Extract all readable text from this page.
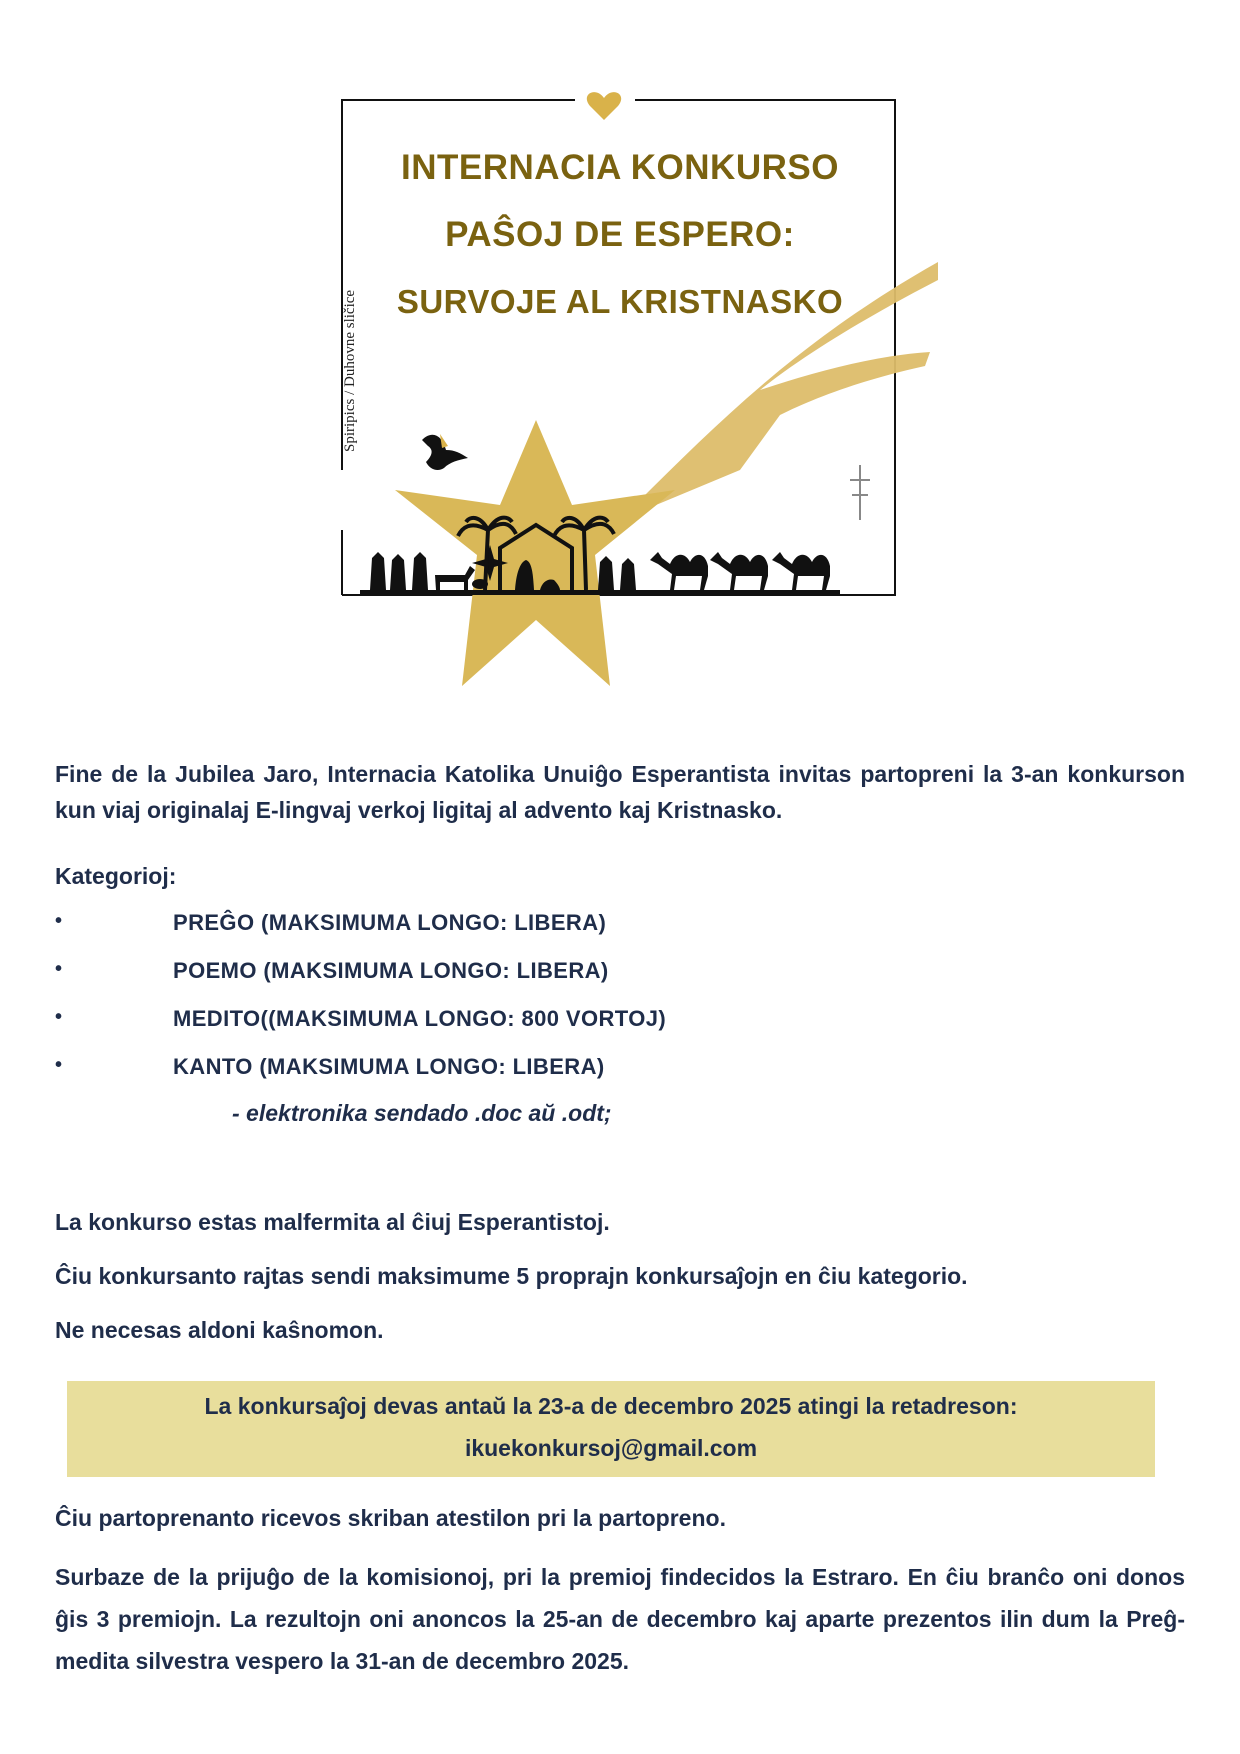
INTERNACIA KONKURSO
PAŜOJ DE ESPERO:
SURVOJE AL KRISTNASKO
Spiripics / Duhovne sličice
Fine de la Jubilea Jaro, Internacia Katolika Unuiĝo Esperantista invitas partopreni la 3-an konkurson kun viaj originalaj E-lingvaj verkoj ligitaj al advento kaj Kristnasko.
Kategorioj:
•	PREĜO (MAKSIMUMA LONGO: LIBERA)
•	POEMO (MAKSIMUMA LONGO: LIBERA)
•	MEDITO((MAKSIMUMA LONGO: 800 VORTOJ)
•	KANTO (MAKSIMUMA LONGO: LIBERA)
- elektronika sendado .doc aŭ .odt;
La konkurso estas malfermita al ĉiuj Esperantistoj.
Ĉiu konkursanto rajtas sendi maksimume 5 proprajn konkursaĵojn en ĉiu kategorio.
Ne necesas aldoni kaŝnomon.
La konkursaĵoj devas antaŭ la 23-a de decembro 2025 atingi la retadreson:
ikuekonkursoj@gmail.com
Ĉiu partoprenanto ricevos skriban atestilon pri la partopreno.
Surbaze de la prijuĝo de la komisionoj, pri la premioj findecidos la Estraro. En ĉiu branĉo oni donos ĝis 3 premiojn. La rezultojn oni anoncos la 25-an de decembro kaj aparte prezentos ilin dum la Preĝ-medita silvestra vespero la 31-an de decembro 2025.
